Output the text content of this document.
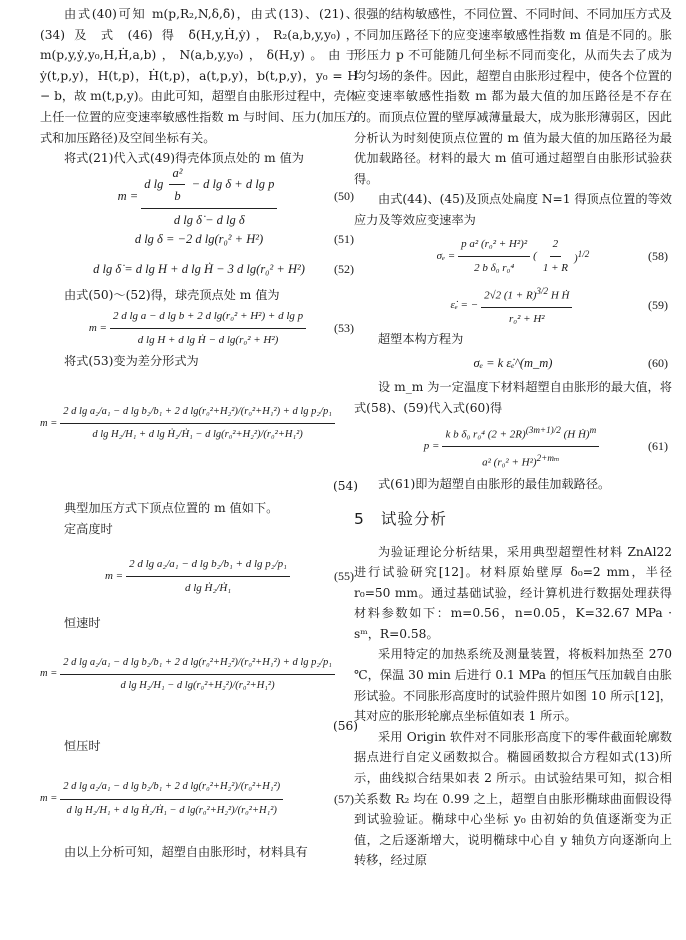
由式(40)可知 m(p,R₂,N,δ,δ̇)，由式(13)、(21)、(34) 及 式 (46) 得 δ̇(H,y,Ḣ,ẏ)，R₂(a,b,y,y₀)，m(p,y,ẏ,y₀,H,Ḣ,a,b)，N(a,b,y,y₀)，δ(H,y)。由于 ẏ(t,p,y)，H(t,p)，Ḣ(t,p)，a(t,p,y)，b(t,p,y)，y₀ = H − b，故 m(t,p,y)。由此可知，超塑自由胀形过程中，壳体上任一位置的应变速率敏感性指数 m 与时间、压力(加压方式和加压路径)及空间坐标有关。

将式(21)代入式(49)得壳体顶点处的 m 值为

$m = \frac{d \lg \frac{\text{a²}}{b} - d \lg \delta + d \lg p}{\text{d lg δ̇ − d lg δ}}$	(50)
d lg δ = −2 d lg(r₀² + H²)	(51)
d lg δ̇ = d lg H + d lg Ḣ − 3 d lg(r₀² + H²) (52)

由式(50)～(52)得，球壳顶点处 m 值为

$m = \frac{\text{2 d lg a − d lg b + 2 d lg(r₀² + H²) + d lg p}}{\text{d lg H + d lg Ḣ − d lg(r₀² + H²)}} (53)$

将式(53)变为差分形式为

m =
2 d lg a₂/a₁ − d lg b₂/b₁ + 2 d lg(r₀²+H₂²)/(r₀²+H₁²) + d lg p₂/p₁
d lg H₂/H₁ + d lg Ḣ₂/Ḣ₁ − d lg(r₀²+H₂²)/(r₀²+H₁²)
(54)

典型加压方式下顶点位置的 m 值如下。

定高度时

$m = \frac{\text{2 d lg a₂/a₁ − d lg b₂/b₁ + d lg p₂/p₁}}{\text{d lg Ḣ₂/Ḣ₁}}$	(55)

恒速时

m =
2 d lg a₂/a₁ − d lg b₂/b₁ + 2 d lg(r₀²+H₂²)/(r₀²+H₁²) + d lg p₂/p₁
d lg H₂/H₁ − d lg(r₀²+H₂²)/(r₀²+H₁²)
(56)

恒压时

$m = \frac{\text{2 d lg a₂/a₁ − d lg b₂/b₁ + 2 d lg(r₀²+H₂²)/(r₀²+H₁²)}}{\text{d lg H₂/H₁ + d lg Ḣ₂/Ḣ₁ − d lg(r₀²+H₂²)/(r₀²+H₁²)}}$	(57)

由以上分析可知，超塑自由胀形时，材料具有

很强的结构敏感性，不同位置、不同时间、不同加压方式及不同加压路径下的应变速率敏感性指数 m 值是不同的。胀形压力 p 不可能随几何坐标不同而变化，从而失去了成为均匀场的条件。因此，超塑自由胀形过程中，使各个位置的应变速率敏感性指数 m 都为最大值的加压路径是不存在的。而顶点位置的壁厚减薄量最大，成为胀形薄弱区，因此分析认为时刻使顶点位置的 m 值为最大值的加压路径为最优加载路径。材料的最大 m 值可通过超塑自由胀形试验获得。

由式(44)、(45)及顶点处扁度 N=1 得顶点位置的等效应力及等效应变速率为

$\sigma_e = \frac{\text{p a² (r₀² + H²)²}}{\text{2 b δ₀ r₀⁴}}$ ( $\frac{2}{1 + R} )^{1/2}$	(58)
ε̇ₑ = − $\frac{2√2 (1 + R)^{3/2} H Ḣ}{\text{r₀² + H²}}$	(59)

超塑本构方程为

σₑ = k ε̇ₑ^(m_m)	(60)

设 m_m 为一定温度下材料超塑自由胀形的最大值，将式(58)、(59)代入式(60)得

$p = \frac{k b \delta_0 r_0^4 (2 + 2R)^{(3m+1)/2} (H Ḣ)^m}{a^2 (r_0^2 + H^2)^{2+m_m}}$	(61)

式(61)即为超塑自由胀形的最佳加载路径。

5 试验分析

为验证理论分析结果，采用典型超塑性材料 ZnAl22 进行试验研究[12]。材料原始壁厚 δ₀=2 mm，半径 r₀=50 mm。通过基础试验，经计算机进行数据处理获得材料参数如下：m=0.56，n=0.05，K=32.67 MPa · sᵐ，R=0.58。

采用特定的加热系统及测量装置，将板料加热至 270 ℃，保温 30 min 后进行 0.1 MPa 的恒压气压加载自由胀形试验。不同胀形高度时的试验件照片如图 10 所示[12]，其对应的胀形轮廓点坐标值如表 1 所示。

采用 Origin 软件对不同胀形高度下的零件截面轮廓数据点进行自定义函数拟合。椭圆函数拟合方程如式(13)所示，曲线拟合结果如表 2 所示。由试验结果可知，拟合相关系数 R₂ 均在 0.99 之上，超塑自由胀形椭球曲面假设得到试验验证。椭球中心坐标 y₀ 由初始的负值逐渐变为正值，之后逐渐增大，说明椭球中心自 y 轴负方向逐渐向上转移，经过原
